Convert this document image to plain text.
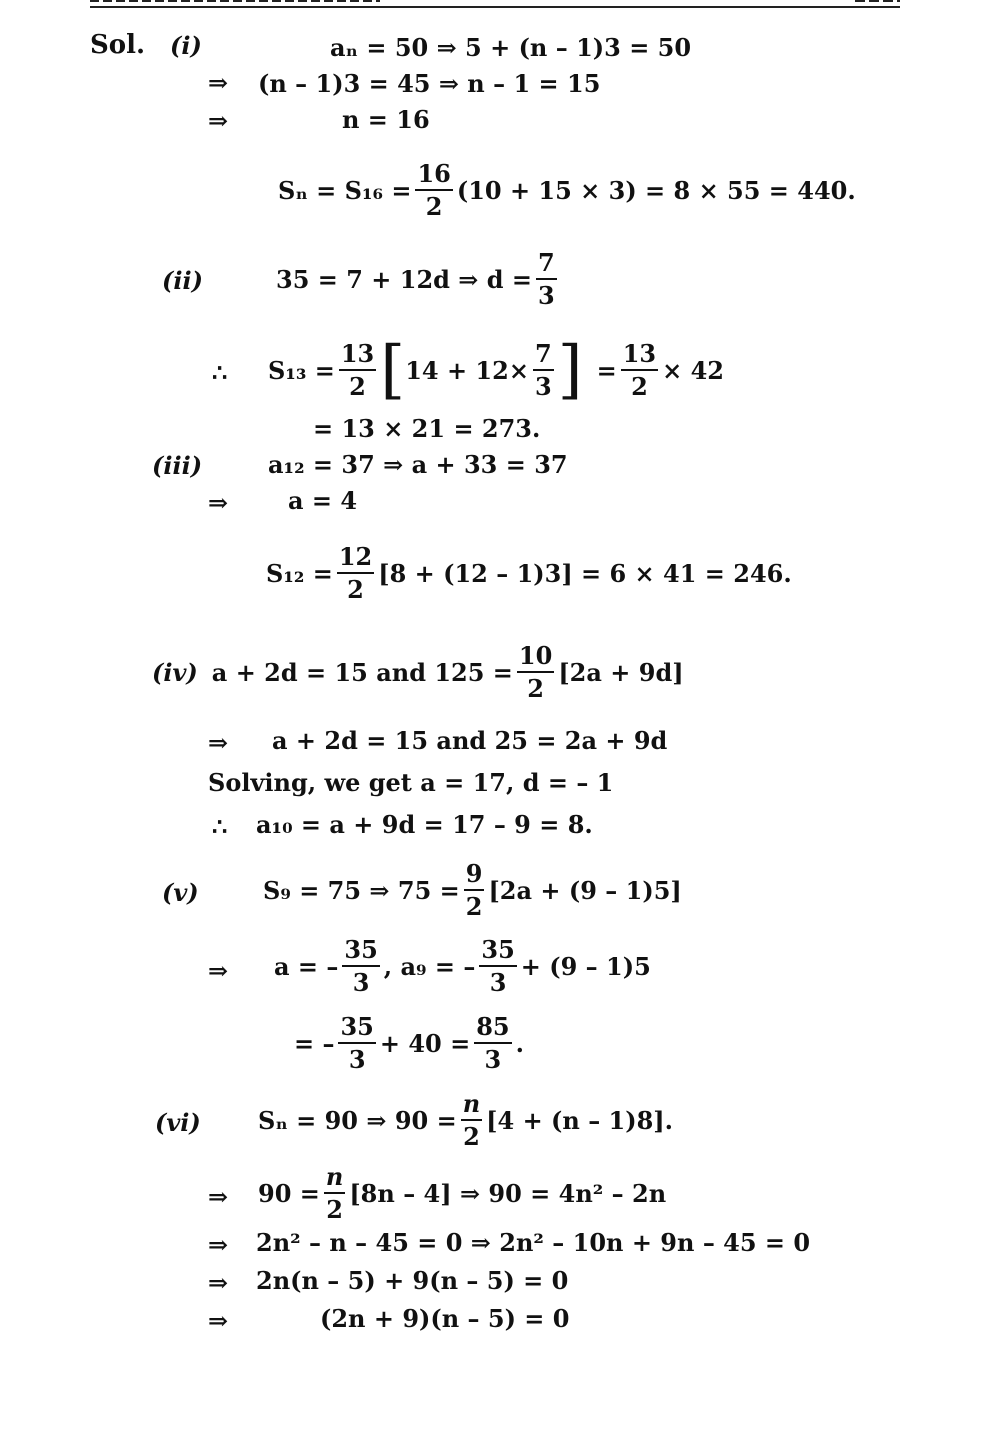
Sol. (i)	aₙ = 50 ⇒ 5 + (n – 1)3 = 50
⇒ (n – 1)3 = 45 ⇒ n – 1 = 15
⇒	n = 16
$S_n = S_{16} = \frac{16}{2} (10 + 15 \times 3) = 8 \times 55 = 440$.
(ii)	35 = 7 + 12d ⇒ $d = \frac{7}{3}$
∴ $S_{13} = \frac{13}{2}$ [ $14 + 12\times \frac{7}{3}$ ] = $\frac{13}{2} \times 42$
= 13 × 21 = 273.
(iii)	a₁₂ = 37 ⇒ a + 33 = 37
⇒ a = 4
$S_{12} = \frac{12}{2} [8 + (12 - 1)3] = 6 \times 41 = 246$.
(iv) a + 2d = 15 and $125 = \frac{10}{2} [2a + 9d]$
⇒ a + 2d = 15 and 25 = 2a + 9d
Solving, we get a = 17, d = – 1
∴ a₁₀ = a + 9d = 17 – 9 = 8.
(v)	S₉ = 75 ⇒ $75 = \frac{9}{2} [2a + (9 - 1)5]$
⇒ a = – $\frac{35}{3}$ , a₉ = – $\frac{35}{3} + (9 - 1)5$
= – $\frac{35}{3} + 40 = \frac{85}{3}$ .
(vi) Sₙ = 90 ⇒ $90 = \frac{n}{2} [4 + (n - 1)8]$.
⇒ $90 = \frac{n}{2} [8n - 4]$ ⇒ 90 = 4n² – 2n
⇒ 2n² – n – 45 = 0 ⇒ 2n² – 10n + 9n – 45 = 0
⇒ 2n(n – 5) + 9(n – 5) = 0
⇒	(2n + 9)(n – 5) = 0
